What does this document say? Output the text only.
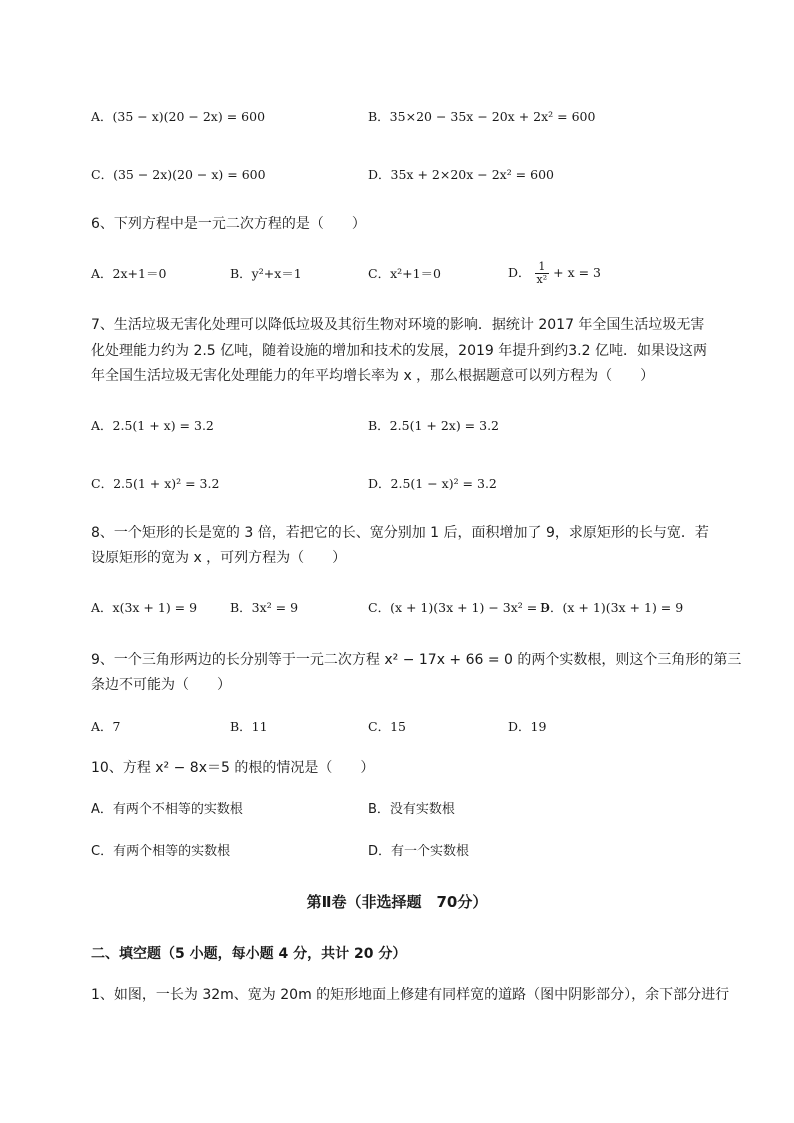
A．(35 − x)(20 − 2x) = 600	B．35×20 − 35x − 20x + 2x² = 600
C．(35 − 2x)(20 − x) = 600	D．35x + 2×20x − 2x² = 600
6、下列方程中是一元二次方程的是（　　）
A．2x+1＝0	B．y²+x＝1	C．x²+1＝0	D． $\frac{1}{\text{x²}} + x = 3$
7、生活垃圾无害化处理可以降低垃圾及其衍生物对环境的影响．据统计 2017 年全国生活垃圾无害
化处理能力约为 2.5 亿吨，随着设施的增加和技术的发展，2019 年提升到约3.2 亿吨．如果设这两
年全国生活垃圾无害化处理能力的年平均增长率为 x ，那么根据题意可以列方程为（　　）
A．2.5(1 + x) = 3.2	B．2.5(1 + 2x) = 3.2
C．2.5(1 + x)² = 3.2	D．2.5(1 − x)² = 3.2
8、一个矩形的长是宽的 3 倍，若把它的长、宽分别加 1 后，面积增加了 9，求原矩形的长与宽．若
设原矩形的宽为 x ，可列方程为（　　）
A．x(3x + 1) = 9	B．3x² = 9	C．(x + 1)(3x + 1) − 3x² = 9
D．(x + 1)(3x + 1) = 9
9、一个三角形两边的长分别等于一元二次方程 x² − 17x + 66 = 0 的两个实数根，则这个三角形的第三
条边不可能为（　　）
A．7	B．11	C．15	D．19
10、方程 x² − 8x＝5 的根的情况是（　　）
A．有两个不相等的实数根	B．没有实数根
C．有两个相等的实数根	D．有一个实数根
第Ⅱ卷（非选择题　70分）
二、填空题（5 小题，每小题 4 分，共计 20 分）
1、如图，一长为 32m、宽为 20m 的矩形地面上修建有同样宽的道路（图中阴影部分），余下部分进行
